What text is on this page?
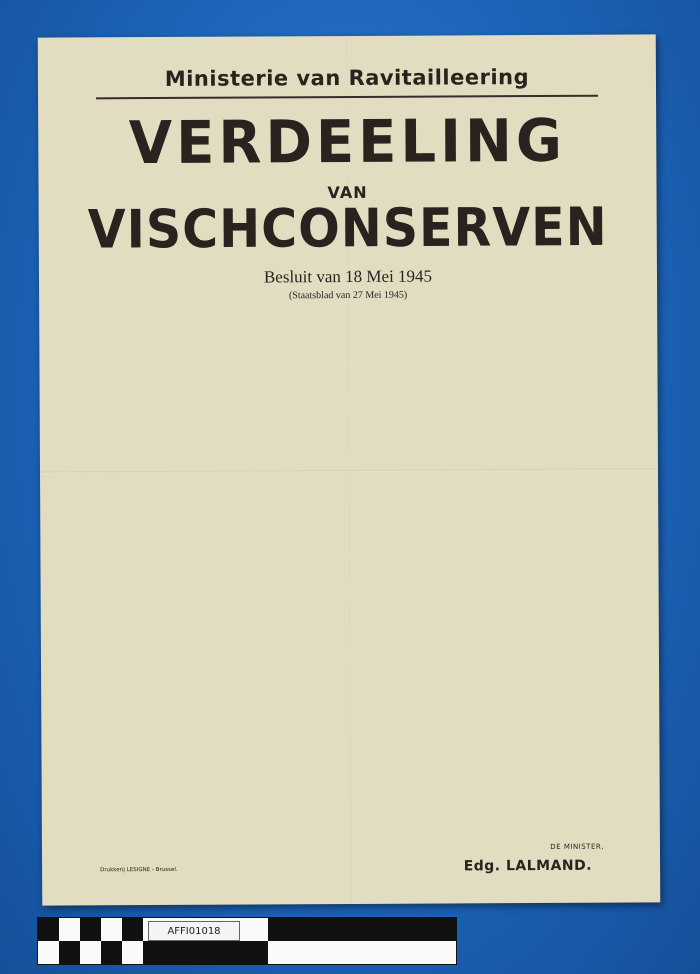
Ministerie van Ravitailleering
VERDEELING
VAN
VISCHCONSERVEN
Besluit van 18 Mei 1945
(Staatsblad van 27 Mei 1945)
DE MINISTER,
Edg. LALMAND.
Drukkerij LESIGNE - Brussel.
AFFI01018
